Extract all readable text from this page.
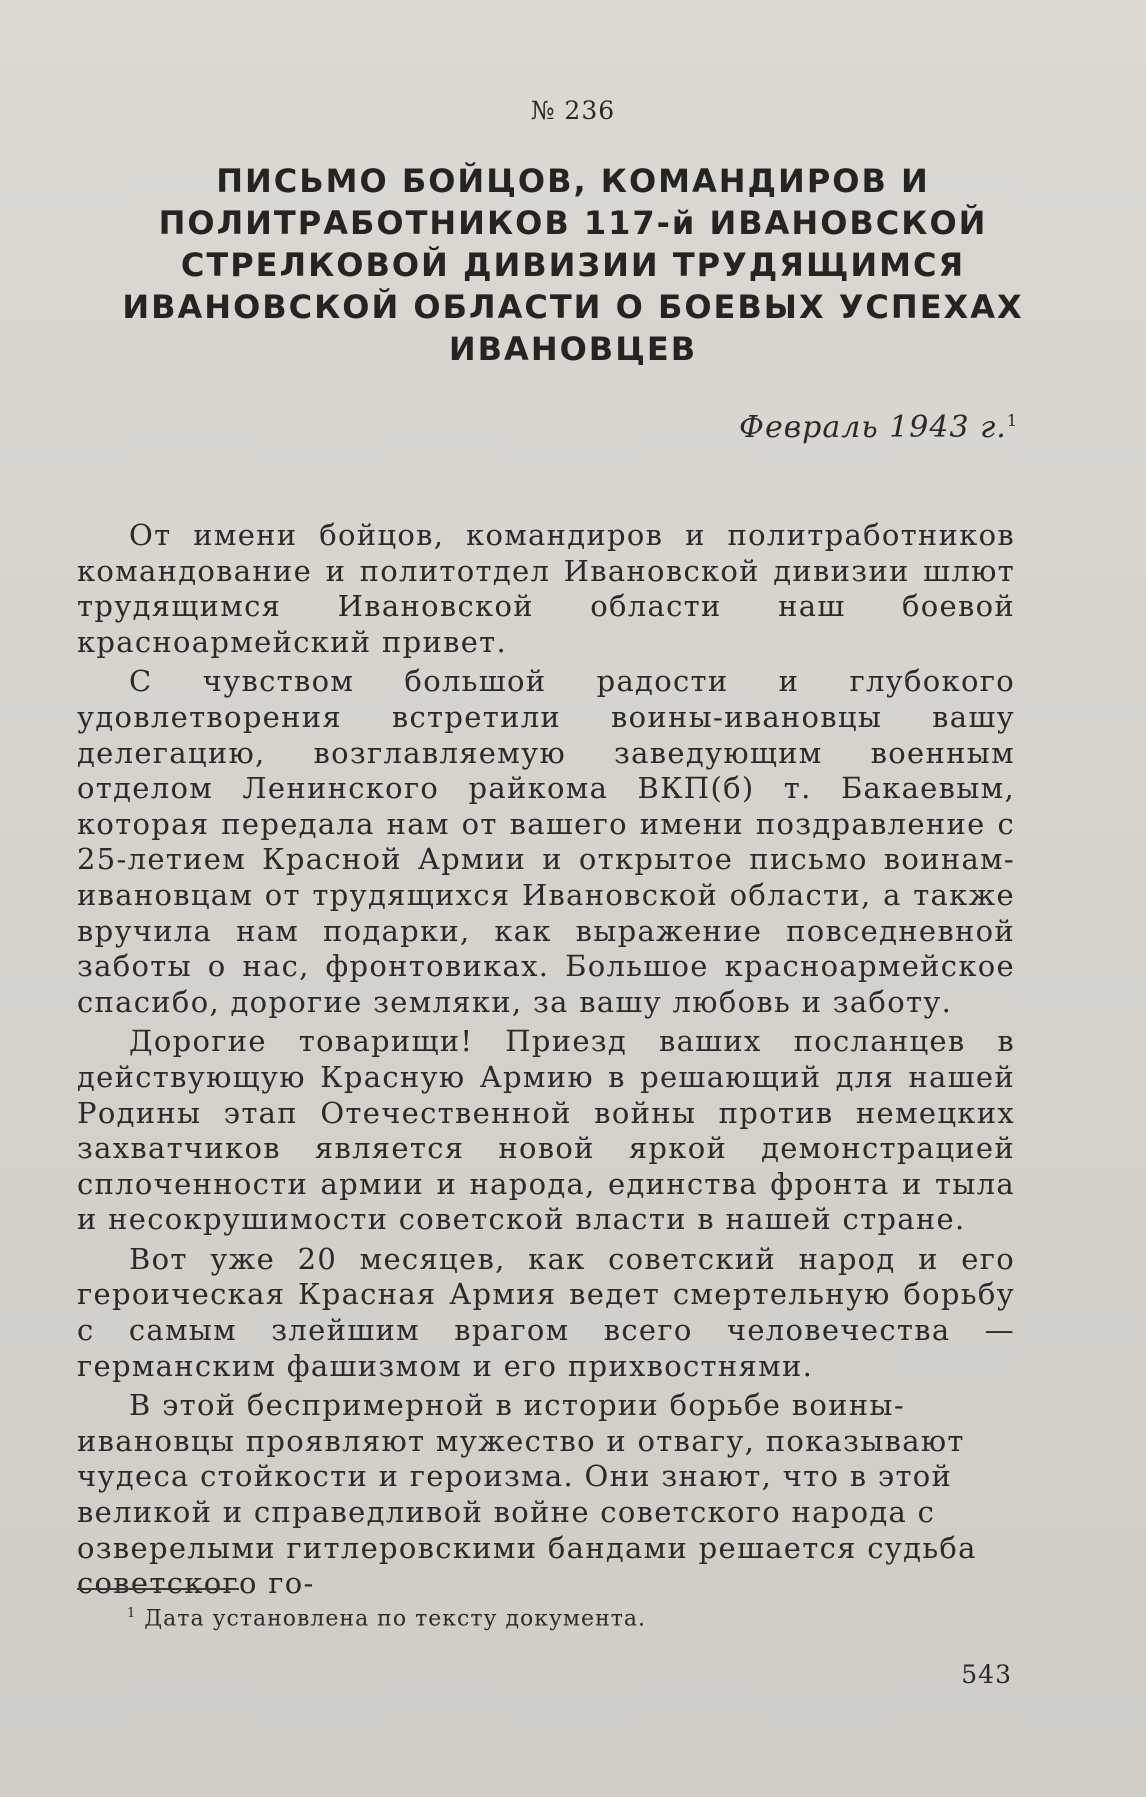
№ 236
ПИСЬМО БОЙЦОВ, КОМАНДИРОВ И
ПОЛИТРАБОТНИКОВ 117-й ИВАНОВСКОЙ
СТРЕЛКОВОЙ ДИВИЗИИ ТРУДЯЩИМСЯ
ИВАНОВСКОЙ ОБЛАСТИ О БОЕВЫХ УСПЕХАХ
ИВАНОВЦЕВ
Февраль 1943 г.$^1$

От имени бойцов, командиров и политработников командование и политотдел Ивановской дивизии шлют трудящимся Ивановской области наш боевой красноармейский привет.

С чувством большой радости и глубокого удовлетворения встретили воины-ивановцы вашу делегацию, возглавляемую заведующим военным отделом Ленинского райкома ВКП(б) т. Бакаевым, которая передала нам от вашего имени поздравление с 25-летием Красной Армии и открытое письмо воинам-ивановцам от трудящихся Ивановской области, а также вручила нам подарки, как выражение повседневной заботы о нас, фронтовиках. Большое красноармейское спасибо, дорогие земляки, за вашу любовь и заботу.

Дорогие товарищи! Приезд ваших посланцев в действующую Красную Армию в решающий для нашей Родины этап Отечественной войны против немецких захватчиков является новой яркой демонстрацией сплоченности армии и народа, единства фронта и тыла и несокрушимости советской власти в нашей стране.

Вот уже 20 месяцев, как советский народ и его героическая Красная Армия ведет смертельную борьбу с самым злейшим врагом всего человечества — германским фашизмом и его прихвостнями.

В этой беспримерной в истории борьбе воины-ивановцы проявляют мужество и отвагу, показывают чудеса стойкости и героизма. Они знают, что в этой великой и справедливой войне советского народа с озверелыми гитлеровскими бандами решается судьба советского го-

$^1$ Дата установлена по тексту документа.
543
